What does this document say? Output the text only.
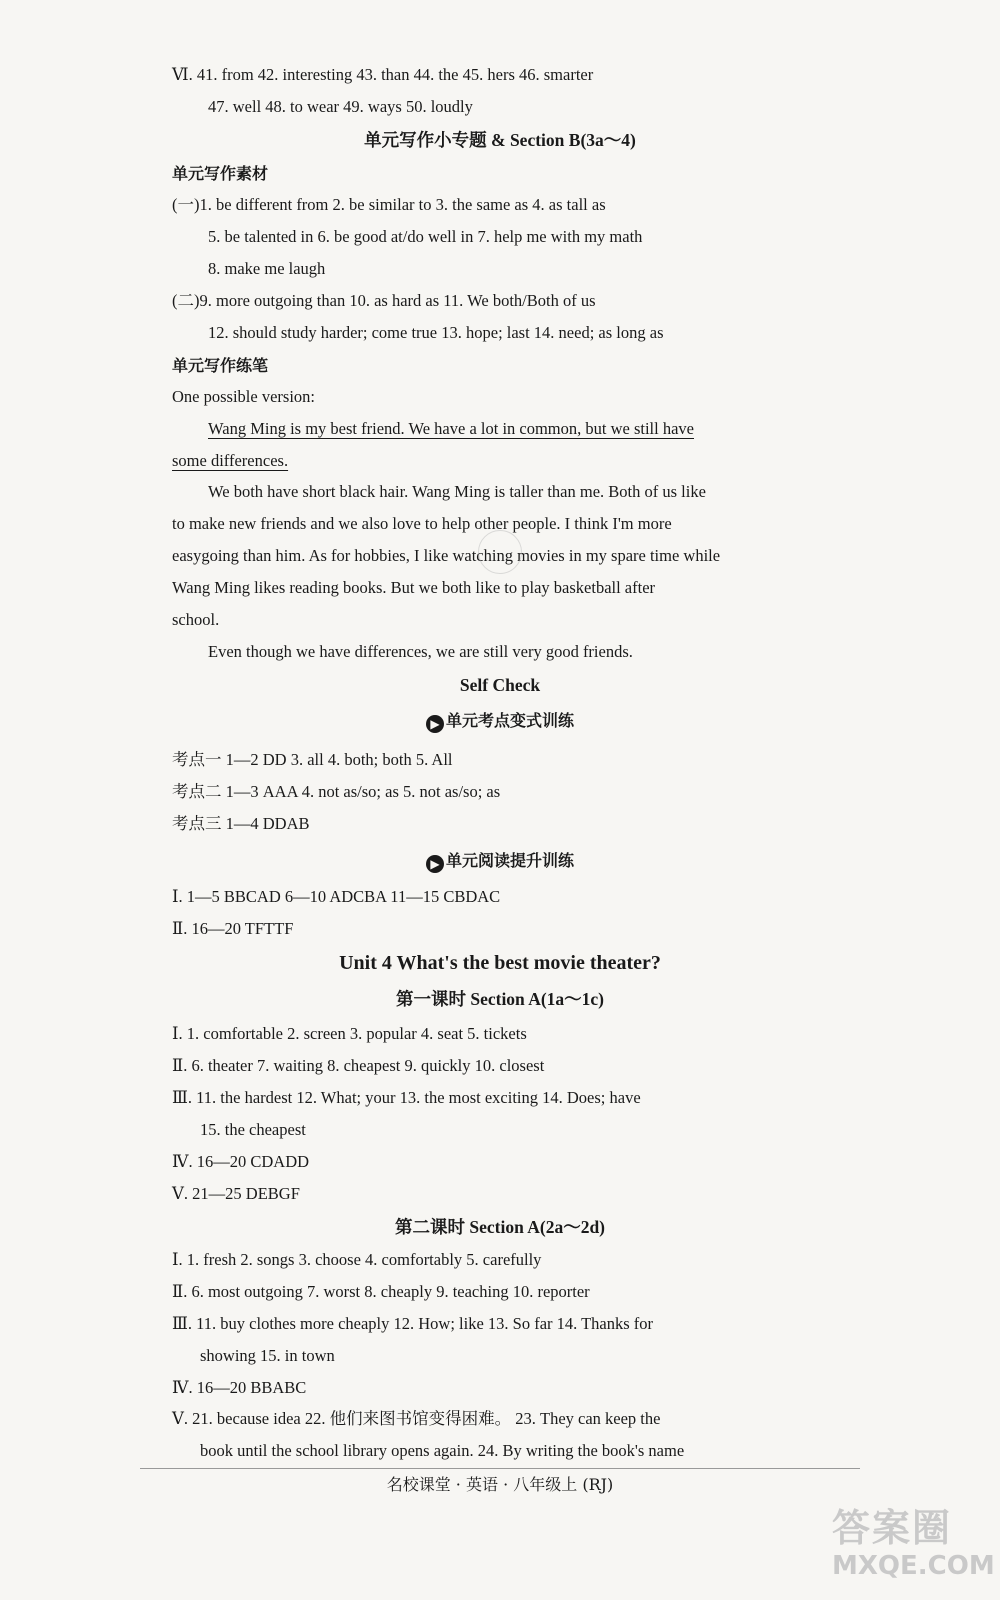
Ⅵ. 41. from 42. interesting 43. than 44. the 45. hers 46. smarter
47. well 48. to wear 49. ways 50. loudly
单元写作小专题 & Section B(3a～4)
单元写作素材
(一)1. be different from 2. be similar to 3. the same as 4. as tall as
5. be talented in 6. be good at/do well in 7. help me with my math
8. make me laugh
(二)9. more outgoing than 10. as hard as 11. We both/Both of us
12. should study harder; come true 13. hope; last 14. need; as long as
单元写作练笔
One possible version:
Wang Ming is my best friend. We have a lot in common, but we still have
some differences.
We both have short black hair. Wang Ming is taller than me. Both of us like
to make new friends and we also love to help other people. I think I'm more
easygoing than him. As for hobbies, I like watching movies in my spare time while
Wang Ming likes reading books. But we both like to play basketball after
school.
Even though we have differences, we are still very good friends.
Self Check
▶ 单元考点变式训练
考点一 1—2 DD 3. all 4. both; both 5. All
考点二 1—3 AAA 4. not as/so; as 5. not as/so; as
考点三 1—4 DDAB
▶ 单元阅读提升训练
Ⅰ. 1—5 BBCAD 6—10 ADCBA 11—15 CBDAC
Ⅱ. 16—20 TFTTF
Unit 4 What's the best movie theater?
第一课时 Section A(1a～1c)
Ⅰ. 1. comfortable 2. screen 3. popular 4. seat 5. tickets
Ⅱ. 6. theater 7. waiting 8. cheapest 9. quickly 10. closest
Ⅲ. 11. the hardest 12. What; your 13. the most exciting 14. Does; have
15. the cheapest
Ⅳ. 16—20 CDADD
Ⅴ. 21—25 DEBGF
第二课时 Section A(2a～2d)
Ⅰ. 1. fresh 2. songs 3. choose 4. comfortably 5. carefully
Ⅱ. 6. most outgoing 7. worst 8. cheaply 9. teaching 10. reporter
Ⅲ. 11. buy clothes more cheaply 12. How; like 13. So far 14. Thanks for
showing 15. in town
Ⅳ. 16—20 BBABC
Ⅴ. 21. because idea 22. 他们来图书馆变得困难。 23. They can keep the
book until the school library opens again. 24. By writing the book's name
名校课堂 · 英语 · 八年级上 (RJ)
答案圈
MXQE.COM
